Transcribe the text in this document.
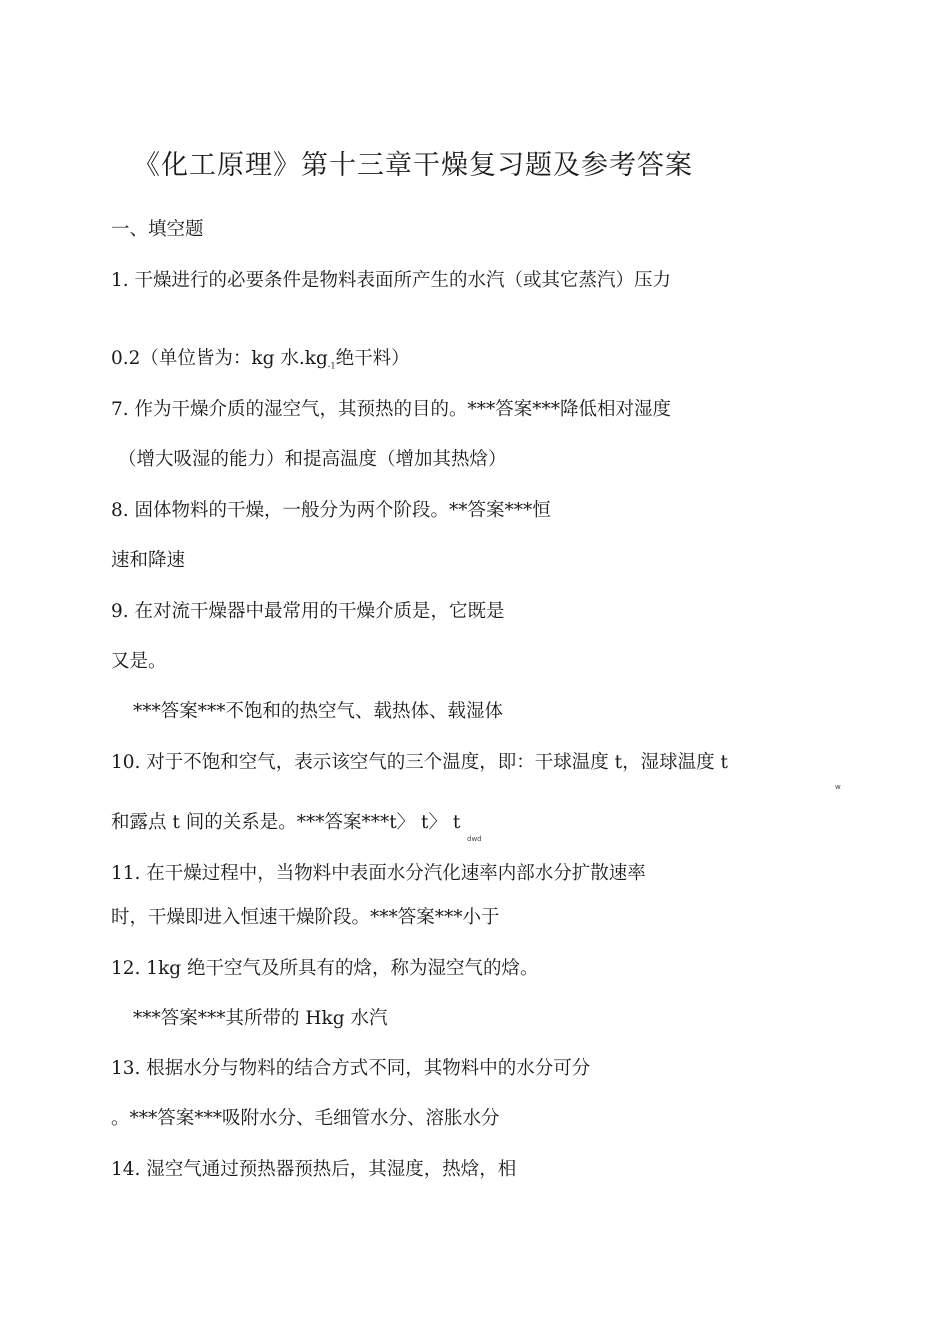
《化工原理》第十三章干燥复习题及参考答案
一、填空题
1. 干燥进行的必要条件是物料表面所产生的水汽（或其它蒸汽）压力
0.2（单位皆为：kg 水$.kg_{-1}$绝干料）
7. 作为干燥介质的湿空气，其预热的目的。***答案***降低相对湿度
（增大吸湿的能力）和提高温度（增加其热焓）
8. 固体物料的干燥，一般分为两个阶段。**答案***恒
速和降速
9. 在对流干燥器中最常用的干燥介质是，它既是
又是。
***答案***不饱和的热空气、载热体、载湿体
10. 对于不饱和空气，表示该空气的三个温度，即：干球温度 t，湿球温度 t
w
和露点 t 间的关系是。***答案***t〉 t〉 t
dwd
11. 在干燥过程中，当物料中表面水分汽化速率内部水分扩散速率
时，干燥即进入恒速干燥阶段。***答案***小于
12. 1kg 绝干空气及所具有的焓，称为湿空气的焓。
***答案***其所带的 Hkg 水汽
13. 根据水分与物料的结合方式不同，其物料中的水分可分
。***答案***吸附水分、毛细管水分、溶胀水分
14. 湿空气通过预热器预热后，其湿度，热焓，相
